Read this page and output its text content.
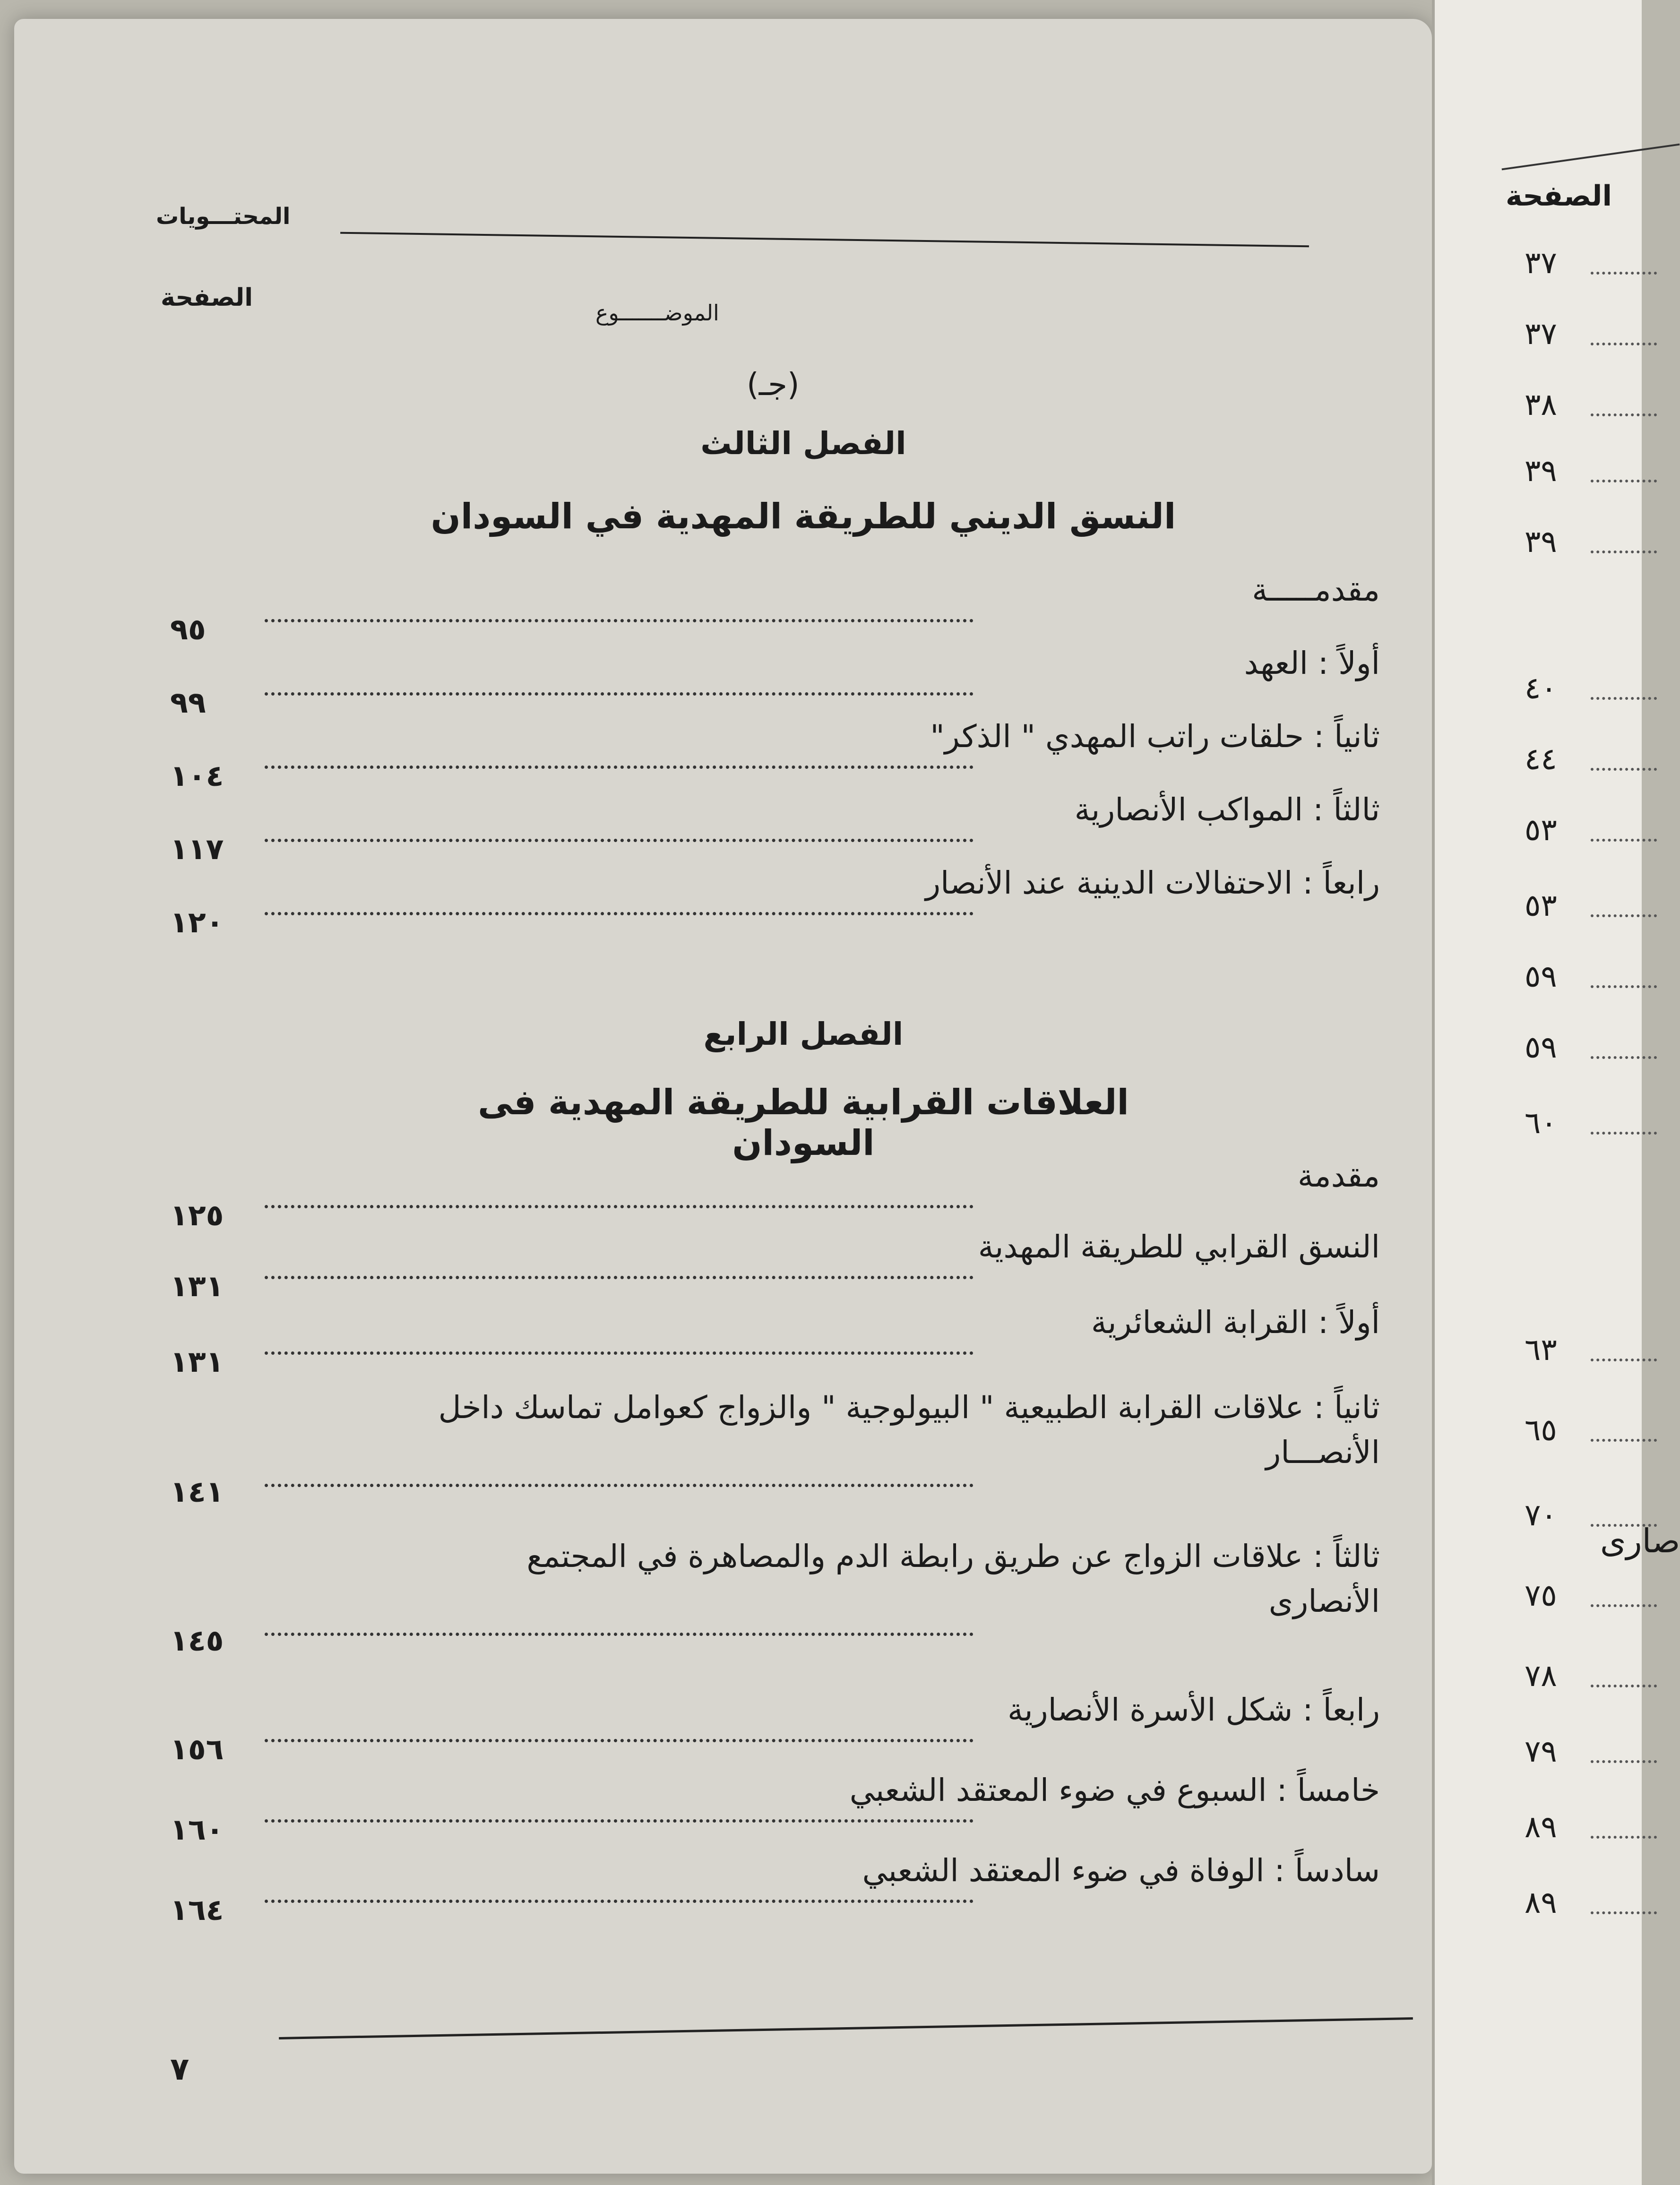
الصفحة
٣٧
٣٧
٣٨
٣٩
٣٩
٤٠
٤٤
٥٣
٥٣
٥٩
٥٩
٦٠
٦٣
٦٥
٧٠
٧٥
٧٨
٧٩
٨٩
٨٩
صارى
المحتـــويات
الصفحة
الموضـــــــوع
(جـ)
الفصل الثالث
النسق الديني للطريقة المهدية في السودان
مقدمـــــة
٩٥
أولاً : العهد
٩٩
ثانياً : حلقات راتب المهدي " الذكر"
١٠٤
ثالثاً : المواكب الأنصارية
١١٧
رابعاً : الاحتفالات الدينية عند الأنصار
١٢٠
الفصل الرابع
العلاقات القرابية للطريقة المهدية فى السودان
مقدمة
١٢٥
النسق القرابي للطريقة المهدية
١٣١
أولاً : القرابة الشعائرية
١٣١
ثانياً : علاقات القرابة الطبيعية " البيولوجية " والزواج كعوامل تماسك داخل
الأنصـــار
١٤١
ثالثاً : علاقات الزواج عن طريق رابطة الدم والمصاهرة في المجتمع
الأنصارى
١٤٥
رابعاً : شكل الأسرة الأنصارية
١٥٦
خامساً : السبوع في ضوء المعتقد الشعبي
١٦٠
سادساً : الوفاة في ضوء المعتقد الشعبي
١٦٤
٧
